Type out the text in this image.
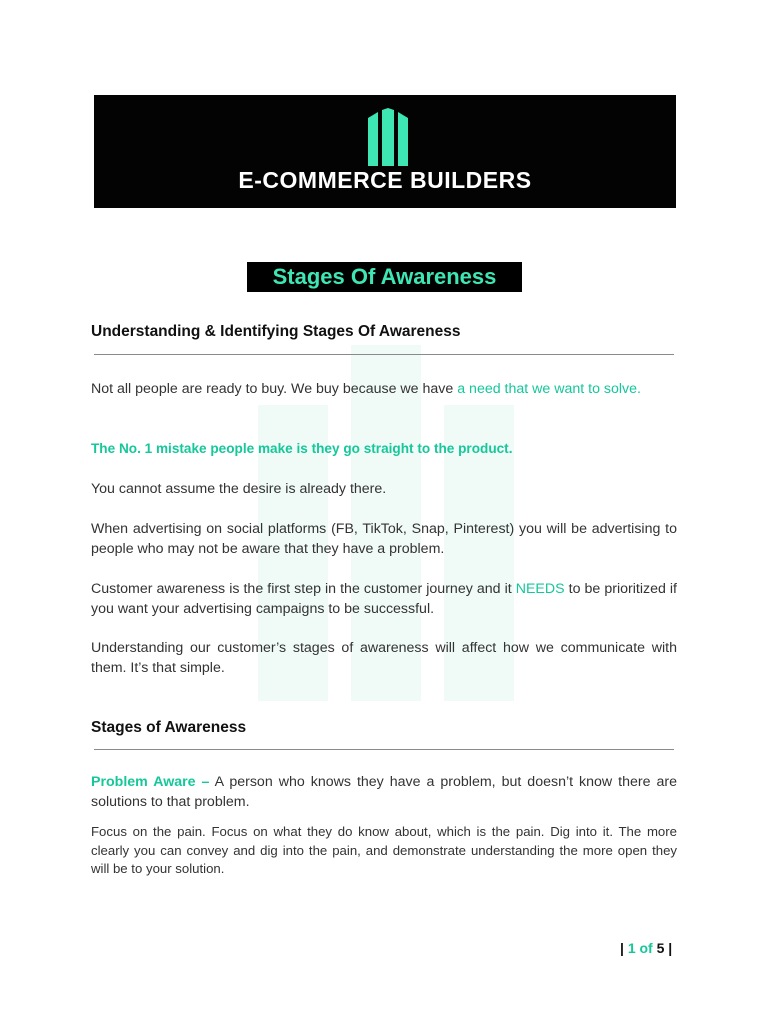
E-COMMERCE BUILDERS
Stages Of Awareness
Understanding & Identifying Stages Of Awareness
Not all people are ready to buy. We buy because we have a need that we want to solve.
The No. 1 mistake people make is they go straight to the product.
You cannot assume the desire is already there.
When advertising on social platforms (FB, TikTok, Snap, Pinterest) you will be advertising to people who may not be aware that they have a problem.
Customer awareness is the first step in the customer journey and it NEEDS to be prioritized if you want your advertising campaigns to be successful.
Understanding our customer’s stages of awareness will affect how we communicate with them. It’s that simple.
Stages of Awareness
Problem Aware – A person who knows they have a problem, but doesn’t know there are solutions to that problem.
Focus on the pain. Focus on what they do know about, which is the pain. Dig into it. The more clearly you can convey and dig into the pain, and demonstrate understanding the more open they will be to your solution.
| 1 of 5 |
